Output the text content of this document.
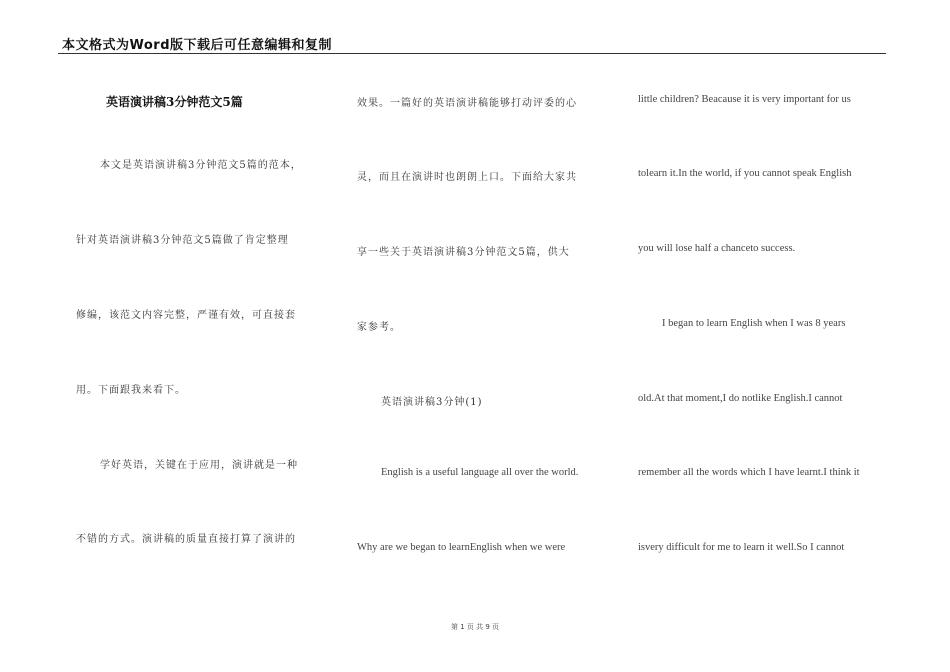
本文格式为Word版下载后可任意编辑和复制
英语演讲稿3分钟范文5篇
本文是英语演讲稿3分钟范文5篇的范本，
针对英语演讲稿3分钟范文5篇做了肯定整理
修编，该范文内容完整，严谨有效，可直接套
用。下面跟我来看下。
学好英语，关键在于应用，演讲就是一种
不错的方式。演讲稿的质量直接打算了演讲的
效果。一篇好的英语演讲稿能够打动评委的心
灵，而且在演讲时也朗朗上口。下面给大家共
享一些关于英语演讲稿3分钟范文5篇，供大
家参考。
英语演讲稿3分钟(1)
English is a useful language all over the world.
Why are we began to learnEnglish when we were
little children? Beacause it is very important for us
tolearn it.In the world, if you cannot speak English
you will lose half a chanceto success.
I began to learn English when I was 8 years
old.At that moment,I do notlike English.I cannot
remember all the words which I have learnt.I think it
isvery difficult for me to learn it well.So I cannot
第 1 页 共 9 页
